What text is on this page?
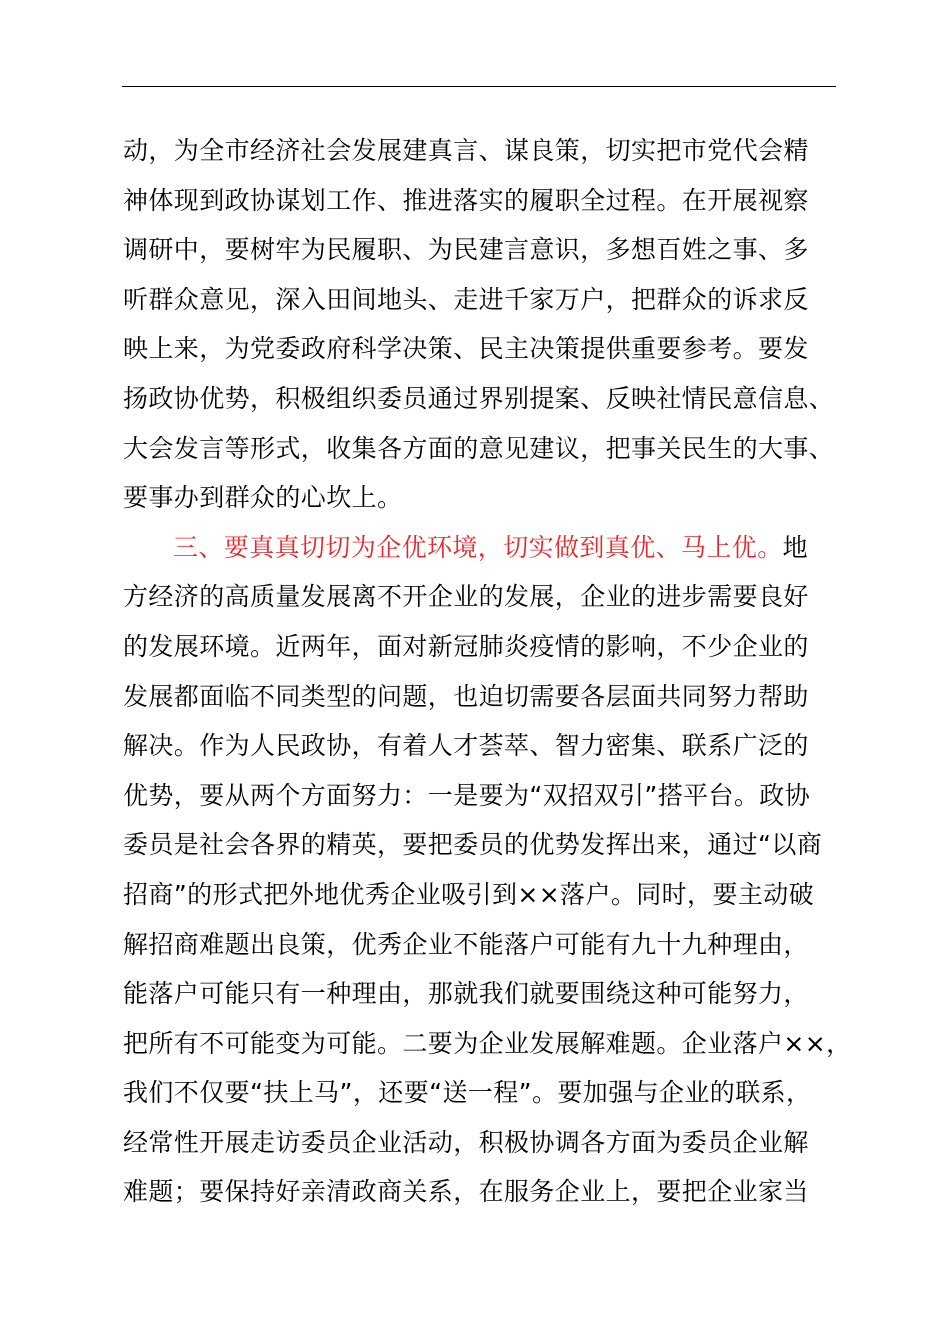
动，为全市经济社会发展建真言、谋良策，切实把市党代会精
神体现到政协谋划工作、推进落实的履职全过程。在开展视察
调研中，要树牢为民履职、为民建言意识，多想百姓之事、多
听群众意见，深入田间地头、走进千家万户，把群众的诉求反
映上来，为党委政府科学决策、民主决策提供重要参考。要发
扬政协优势，积极组织委员通过界别提案、反映社情民意信息、
大会发言等形式，收集各方面的意见建议，把事关民生的大事、
要事办到群众的心坎上。
三、要真真切切为企优环境，切实做到真优、马上优。地
方经济的高质量发展离不开企业的发展，企业的进步需要良好
的发展环境。近两年，面对新冠肺炎疫情的影响，不少企业的
发展都面临不同类型的问题，也迫切需要各层面共同努力帮助
解决。作为人民政协，有着人才荟萃、智力密集、联系广泛的
优势，要从两个方面努力：一是要为“双招双引”搭平台。政协
委员是社会各界的精英，要把委员的优势发挥出来，通过“以商
招商”的形式把外地优秀企业吸引到××落户。同时，要主动破
解招商难题出良策，优秀企业不能落户可能有九十九种理由，
能落户可能只有一种理由，那就我们就要围绕这种可能努力，
把所有不可能变为可能。二要为企业发展解难题。企业落户××，
我们不仅要“扶上马”，还要“送一程”。要加强与企业的联系，
经常性开展走访委员企业活动，积极协调各方面为委员企业解
难题；要保持好亲清政商关系，在服务企业上，要把企业家当
